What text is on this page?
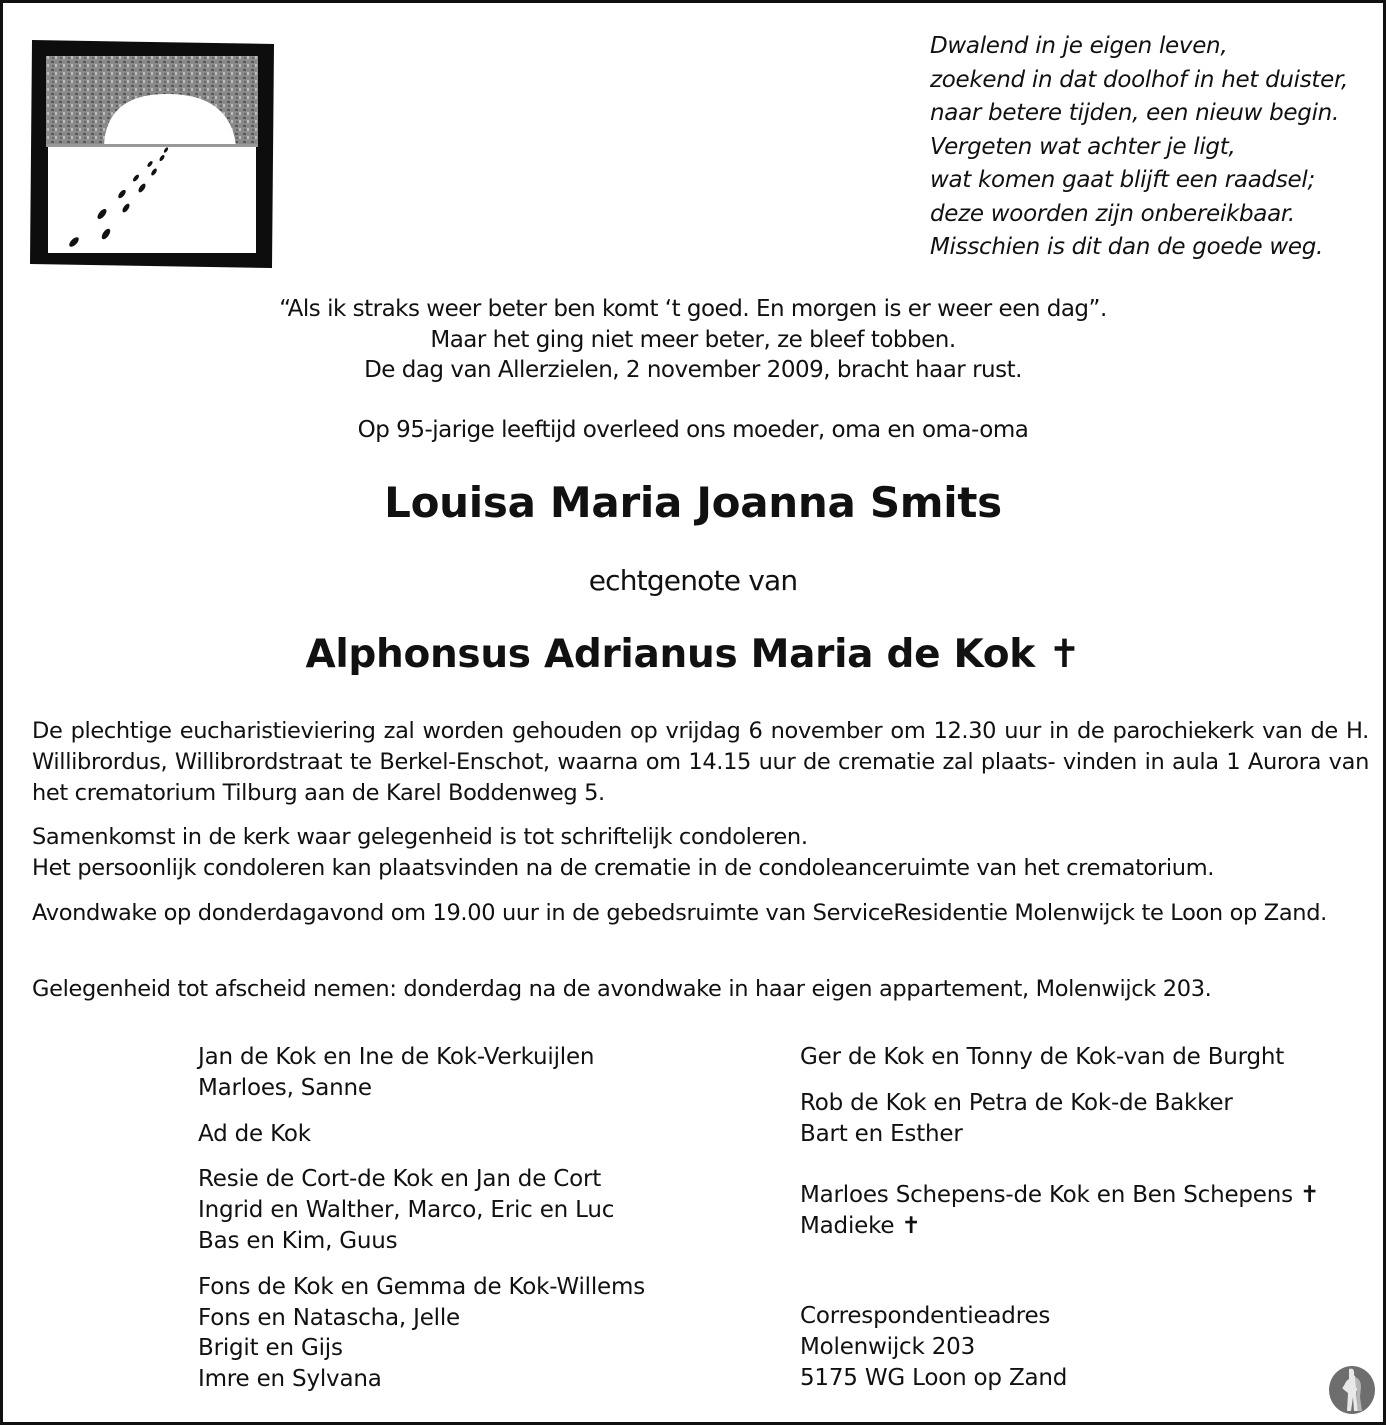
Dwalend in je eigen leven,
zoekend in dat doolhof in het duister,
naar betere tijden, een nieuw begin.
Vergeten wat achter je ligt,
wat komen gaat blijft een raadsel;
deze woorden zijn onbereikbaar.
Misschien is dit dan de goede weg.
“Als ik straks weer beter ben komt ‘t goed. En morgen is er weer een dag”.
Maar het ging niet meer beter, ze bleef tobben.
De dag van Allerzielen, 2 november 2009, bracht haar rust.
Op 95-jarige leeftijd overleed ons moeder, oma en oma-oma
Louisa Maria Joanna Smits
echtgenote van
Alphonsus Adrianus Maria de Kok ✝
De plechtige eucharistieviering zal worden gehouden op vrijdag 6 november om 12.30 uur in de parochiekerk van de H. Willibrordus, Willibrordstraat te Berkel-Enschot, waarna om 14.15 uur de crematie zal plaats- vinden in aula 1 Aurora van het crematorium Tilburg aan de Karel Boddenweg 5.
Samenkomst in de kerk waar gelegenheid is tot schriftelijk condoleren.
Het persoonlijk condoleren kan plaatsvinden na de crematie in de condoleanceruimte van het crematorium.
Avondwake op donderdagavond om 19.00 uur in de gebedsruimte van ServiceResidentie Molenwijck te Loon op Zand.
Gelegenheid tot afscheid nemen: donderdag na de avondwake in haar eigen appartement, Molenwijck 203.
Jan de Kok en Ine de Kok-Verkuijlen
Marloes, Sanne
Ad de Kok
Resie de Cort-de Kok en Jan de Cort
Ingrid en Walther, Marco, Eric en Luc
Bas en Kim, Guus
Fons de Kok en Gemma de Kok-Willems
Fons en Natascha, Jelle
Brigit en Gijs
Imre en Sylvana
Ger de Kok en Tonny de Kok-van de Burght
Rob de Kok en Petra de Kok-de Bakker
Bart en Esther
Marloes Schepens-de Kok en Ben Schepens ✝
Madieke ✝
Correspondentieadres
Molenwijck 203
5175 WG Loon op Zand
